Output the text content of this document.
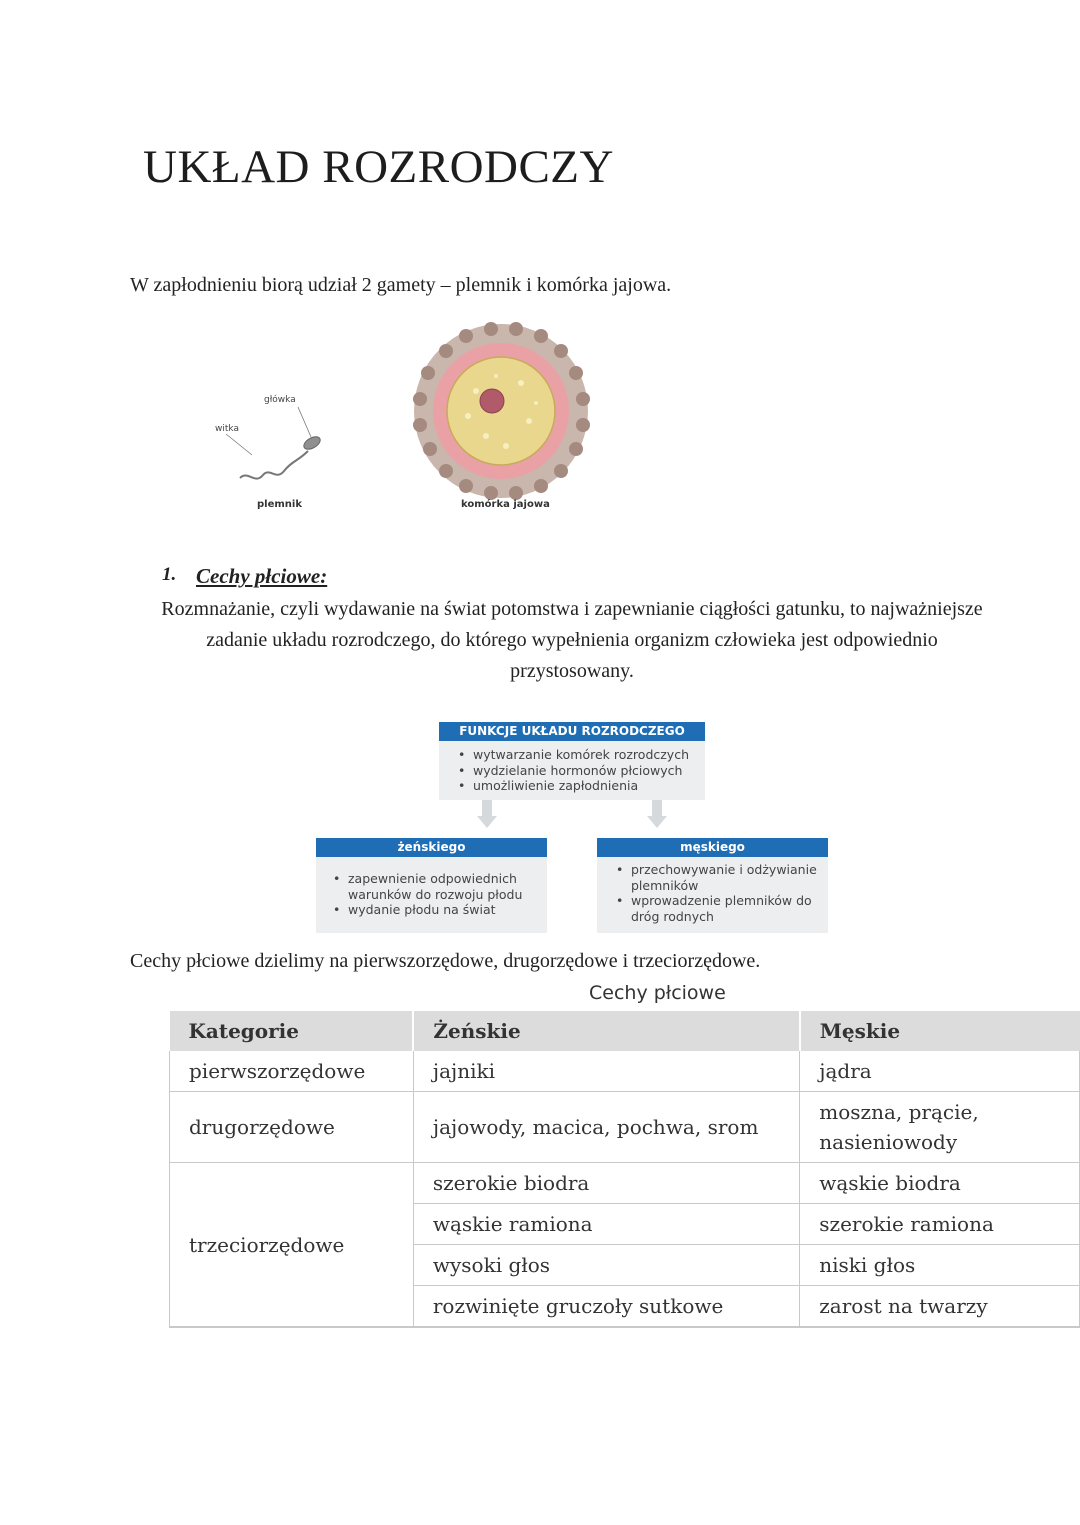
UKŁAD ROZRODCZY
W zapłodnieniu biorą udział 2 gamety – plemnik i komórka jajowa.
główka
witka
plemnik	komórka jajowa
1. Cechy płciowe:
Rozmnażanie, czyli wydawanie na świat potomstwa i zapewnianie ciągłości gatunku, to najważniejsze zadanie układu rozrodczego, do którego wypełnienia organizm człowieka jest odpowiednio przystosowany.
FUNKCJE UKŁADU ROZRODCZEGO
• wytwarzanie komórek rozrodczych
• wydzielanie hormonów płciowych
• umożliwienie zapłodnienia
żeńskiego
• zapewnienie odpowiednich warunków do rozwoju płodu
• wydanie płodu na świat
męskiego
• przechowywanie i odżywianie plemników
• wprowadzenie plemników do dróg rodnych
Cechy płciowe dzielimy na pierwszorzędowe, drugorzędowe i trzeciorzędowe.
Cechy płciowe
Kategorie	Żeńskie	Męskie
pierwszorzędowe	jajniki	jądra
drugorzędowe	jajowody, macica, pochwa, srom	moszna, prącie, nasieniowody
trzeciorzędowe	szerokie biodra	wąskie biodra
	wąskie ramiona	szerokie ramiona
	wysoki głos	niski głos
	rozwinięte gruczoły sutkowe	zarost na twarzy
